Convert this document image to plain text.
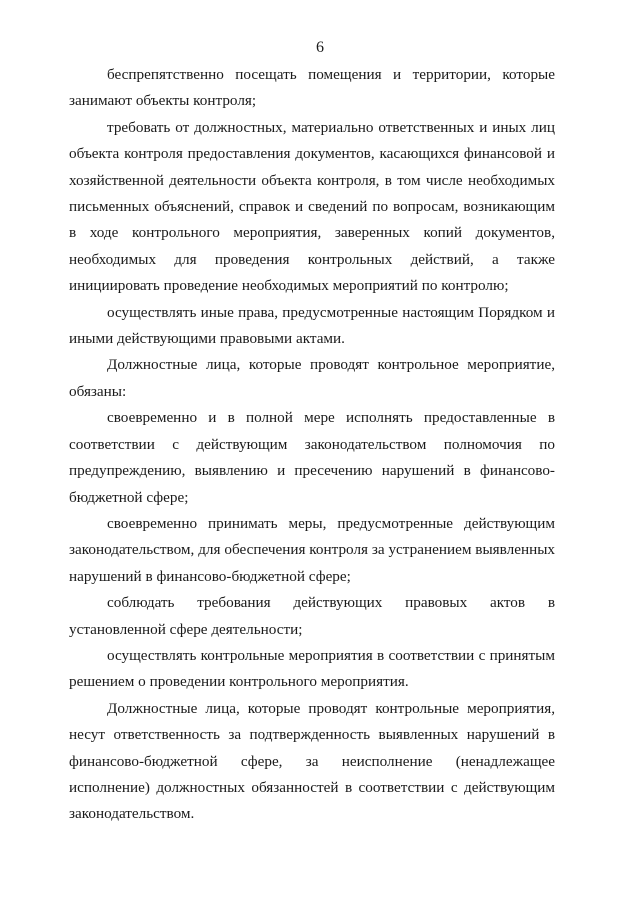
6

беспрепятственно посещать помещения и территории, которые занимают объекты контроля;

требовать от должностных, материально ответственных и иных лиц объекта контроля предоставления документов, касающихся финансовой и хозяйственной деятельности объекта контроля, в том числе необходимых письменных объяснений, справок и сведений по вопросам, возникающим в ходе контрольного мероприятия, заверенных копий документов, необходимых для проведения контрольных действий, а также инициировать проведение необходимых мероприятий по контролю;

осуществлять иные права, предусмотренные настоящим Порядком и иными действующими правовыми актами.

Должностные лица, которые проводят контрольное мероприятие, обязаны:

своевременно и в полной мере исполнять предоставленные в соответствии с действующим законодательством полномочия по предупреждению, выявлению и пресечению нарушений в финансово-бюджетной сфере;

своевременно принимать меры, предусмотренные действующим законодательством, для обеспечения контроля за устранением выявленных нарушений в финансово-бюджетной сфере;

соблюдать требования действующих правовых актов в установленной сфере деятельности;

осуществлять контрольные мероприятия в соответствии с принятым решением о проведении контрольного мероприятия.

Должностные лица, которые проводят контрольные мероприятия, несут ответственность за подтвержденность выявленных нарушений в финансово-бюджетной сфере, за неисполнение (ненадлежащее исполнение) должностных обязанностей в соответствии с действующим законодательством.
